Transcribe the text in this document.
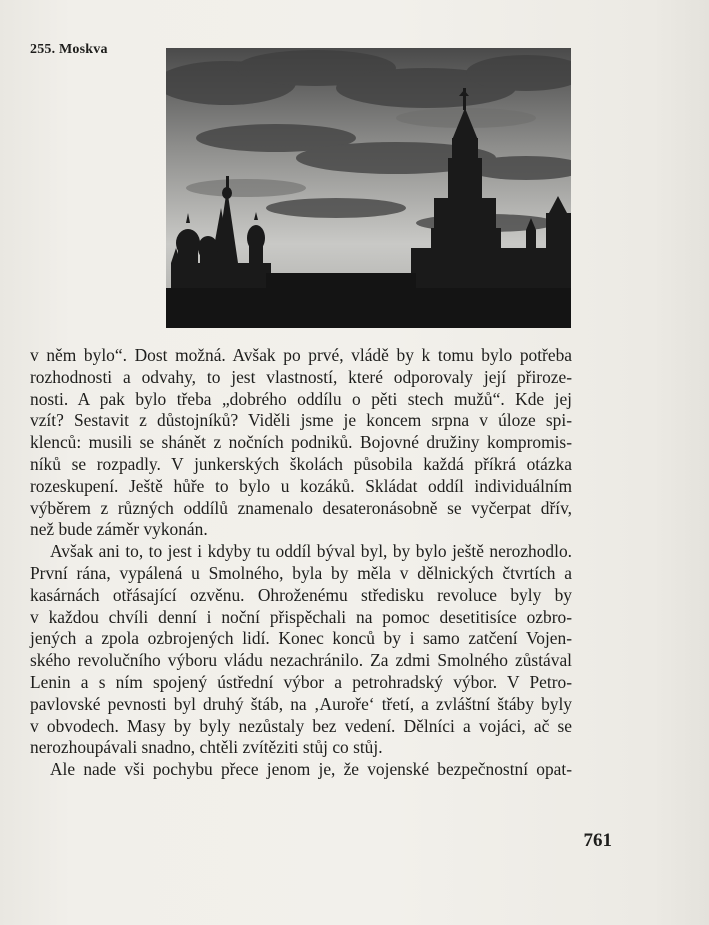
255. Moskva
v něm bylo“. Dost možná. Avšak po prvé, vládě by k tomu bylo potřeba
rozhodnosti a odvahy, to jest vlastností, které odporovaly její přiroze-
nosti. A pak bylo třeba „dobrého oddílu o pěti stech mužů“. Kde jej
vzít? Sestavit z důstojníků? Viděli jsme je koncem srpna v úloze spi-
klenců: musili se shánět z nočních podniků. Bojovné družiny kompromis-
níků se rozpadly. V junkerských školách působila každá příkrá otázka
rozeskupení. Ještě hůře to bylo u kozáků. Skládat oddíl individuálním
výběrem z různých oddílů znamenalo desateronásobně se vyčerpat dřív,
než bude záměr vykonán.
Avšak ani to, to jest i kdyby tu oddíl býval byl, by bylo ještě nerozhodlo.
První rána, vypálená u Smolného, byla by měla v dělnických čtvrtích a
kasárnách otřásající ozvěnu. Ohroženému středisku revoluce byly by
v každou chvíli denní i noční přispěchali na pomoc desetitisíce ozbro-
jených a zpola ozbrojených lidí. Konec konců by i samo zatčení Vojen-
ského revolučního výboru vládu nezachránilo. Za zdmi Smolného zůstával
Lenin a s ním spojený ústřední výbor a petrohradský výbor. V Petro-
pavlovské pevnosti byl druhý štáb, na ‚Auroře‘ třetí, a zvláštní štáby byly
v obvodech. Masy by byly nezůstaly bez vedení. Dělníci a vojáci, ač se
nerozhoupávali snadno, chtěli zvítěziti stůj co stůj.
Ale nade vši pochybu přece jenom je, že vojenské bezpečnostní opat-
761
